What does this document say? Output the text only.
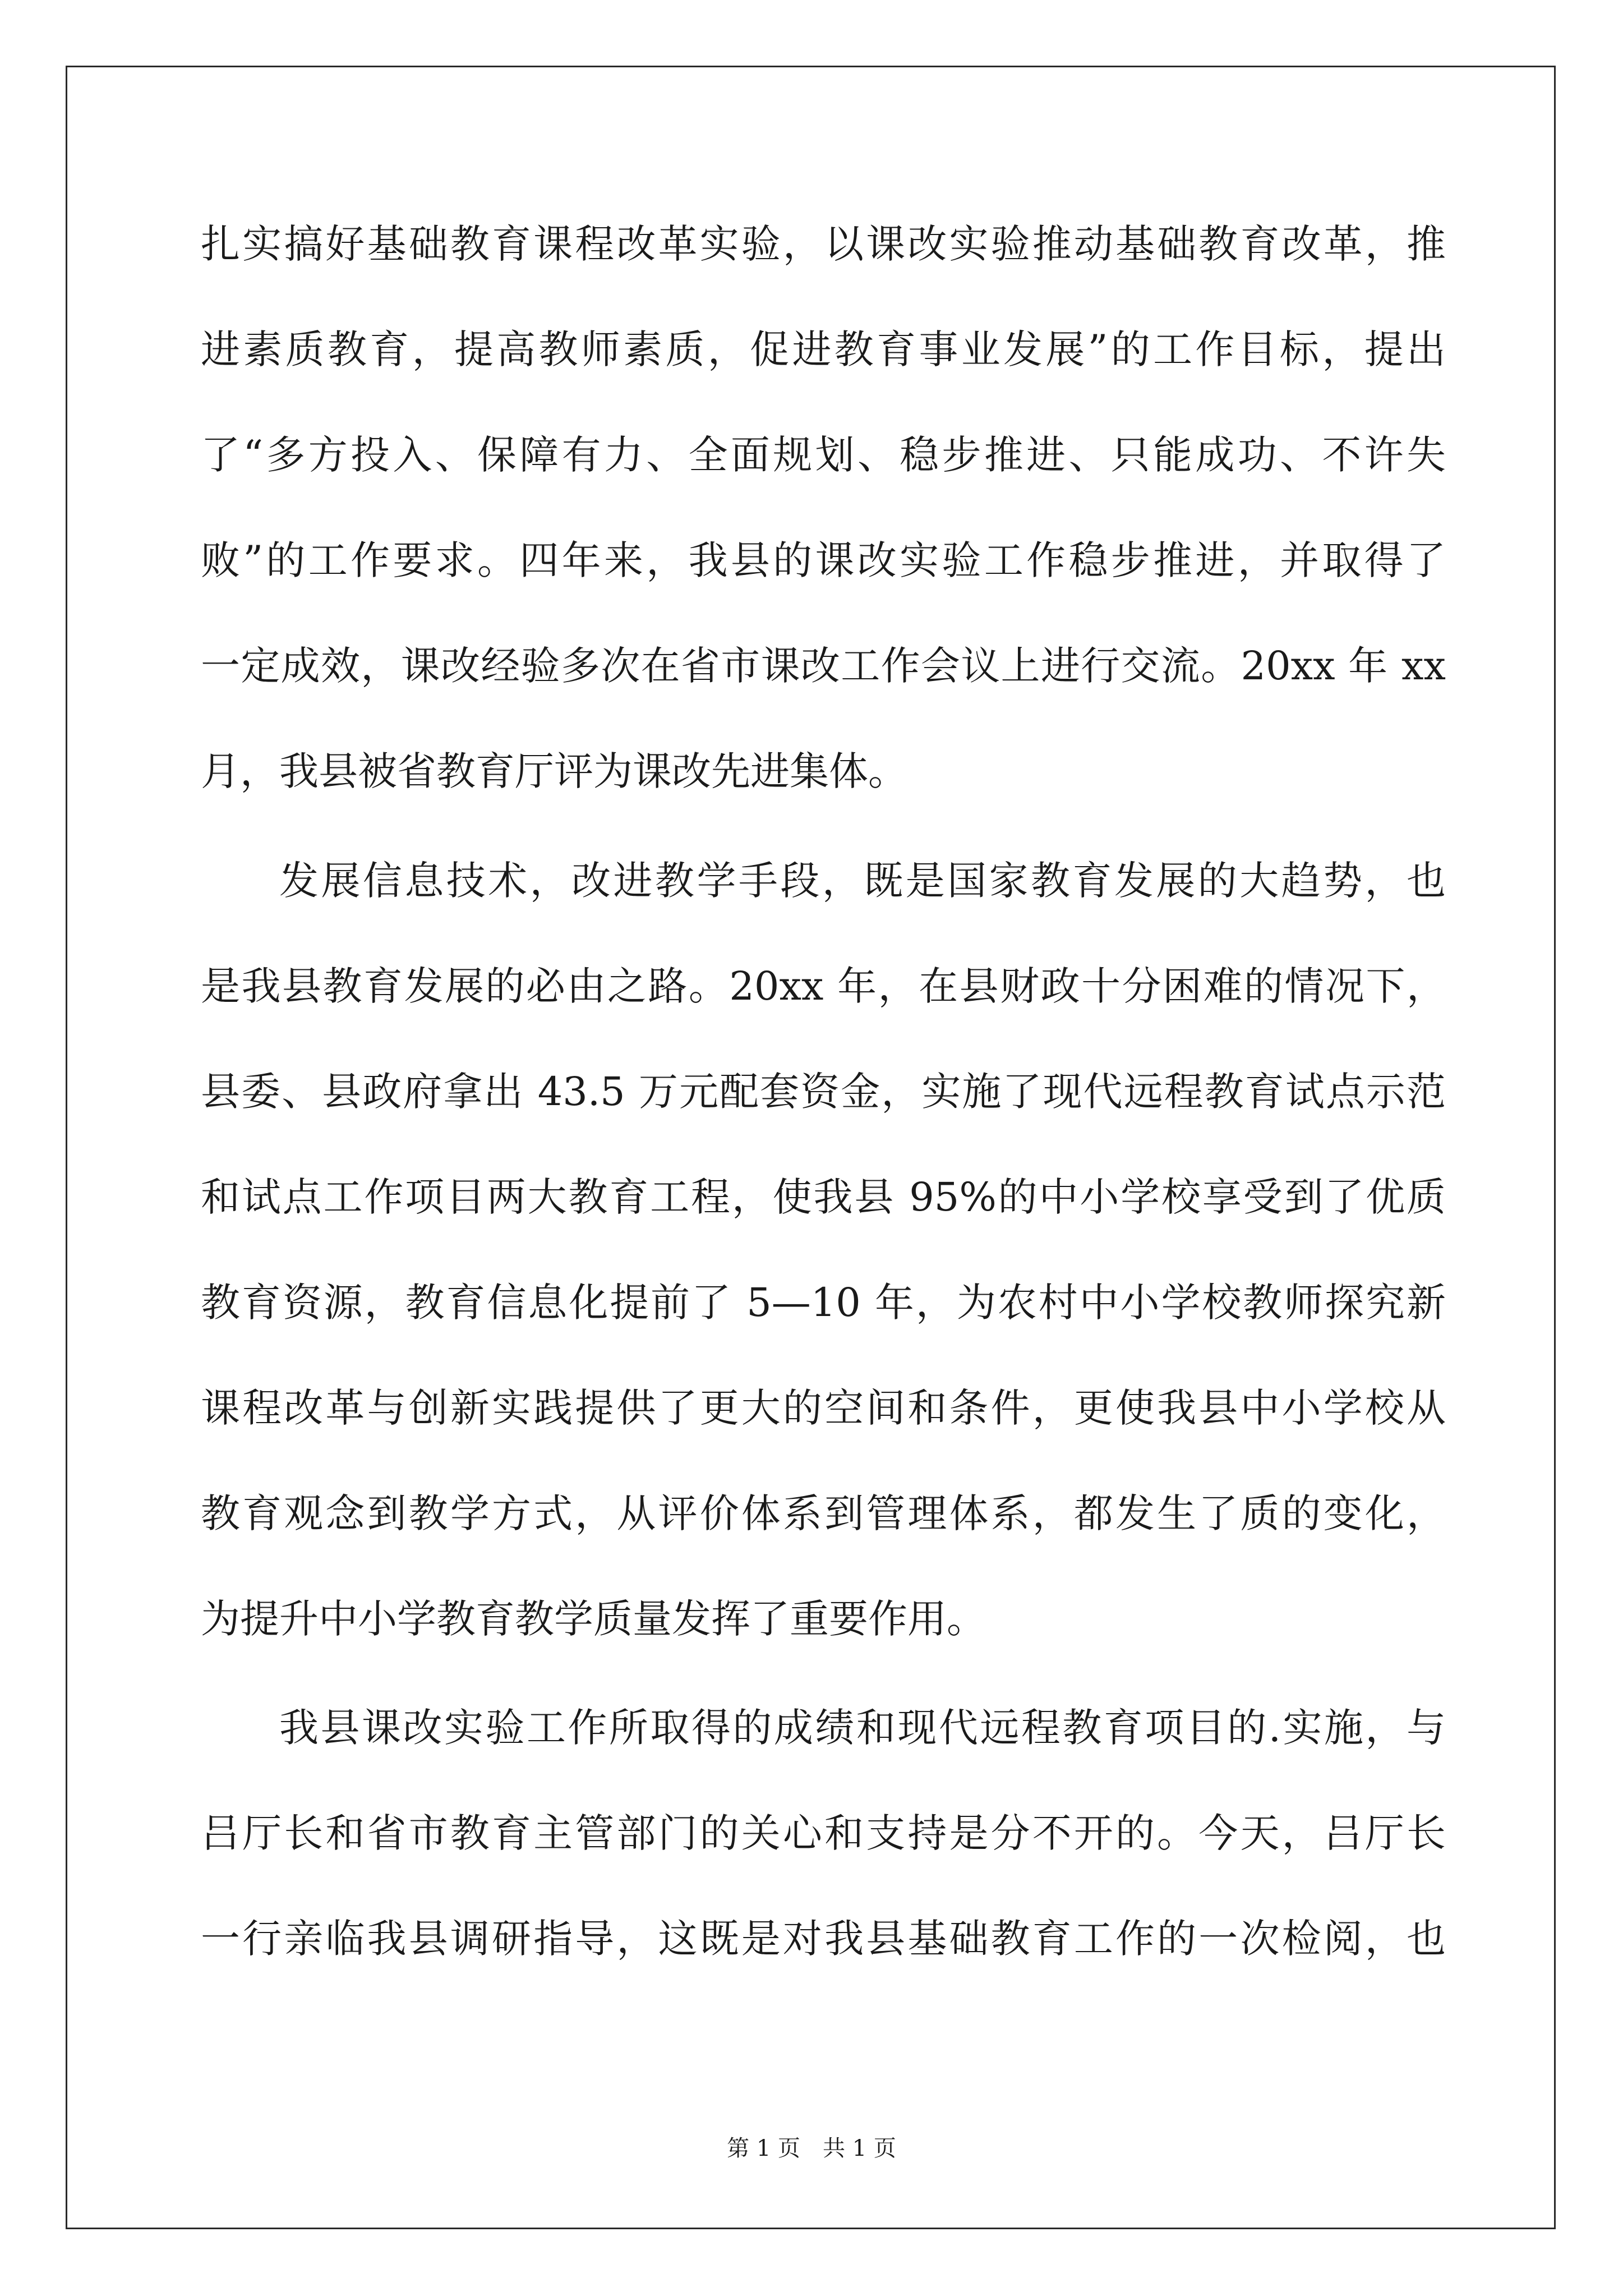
扎实搞好基础教育课程改革实验，以课改实验推动基础教育改革，推
进素质教育，提高教师素质，促进教育事业发展”的工作目标，提出
了“多方投入、保障有力、全面规划、稳步推进、只能成功、不许失
败”的工作要求。四年来，我县的课改实验工作稳步推进，并取得了
一定成效，课改经验多次在省市课改工作会议上进行交流。20xx 年 xx
月，我县被省教育厅评为课改先进集体。
发展信息技术，改进教学手段，既是国家教育发展的大趋势，也
是我县教育发展的必由之路。20xx 年，在县财政十分困难的情况下，
县委、县政府拿出 43.5 万元配套资金，实施了现代远程教育试点示范
和试点工作项目两大教育工程，使我县 95%的中小学校享受到了优质
教育资源，教育信息化提前了 5—10 年，为农村中小学校教师探究新
课程改革与创新实践提供了更大的空间和条件，更使我县中小学校从
教育观念到教学方式，从评价体系到管理体系，都发生了质的变化，
为提升中小学教育教学质量发挥了重要作用。
我县课改实验工作所取得的成绩和现代远程教育项目的.实施，与
吕厅长和省市教育主管部门的关心和支持是分不开的。今天，吕厅长
一行亲临我县调研指导，这既是对我县基础教育工作的一次检阅，也
第 1 页　共 1 页
